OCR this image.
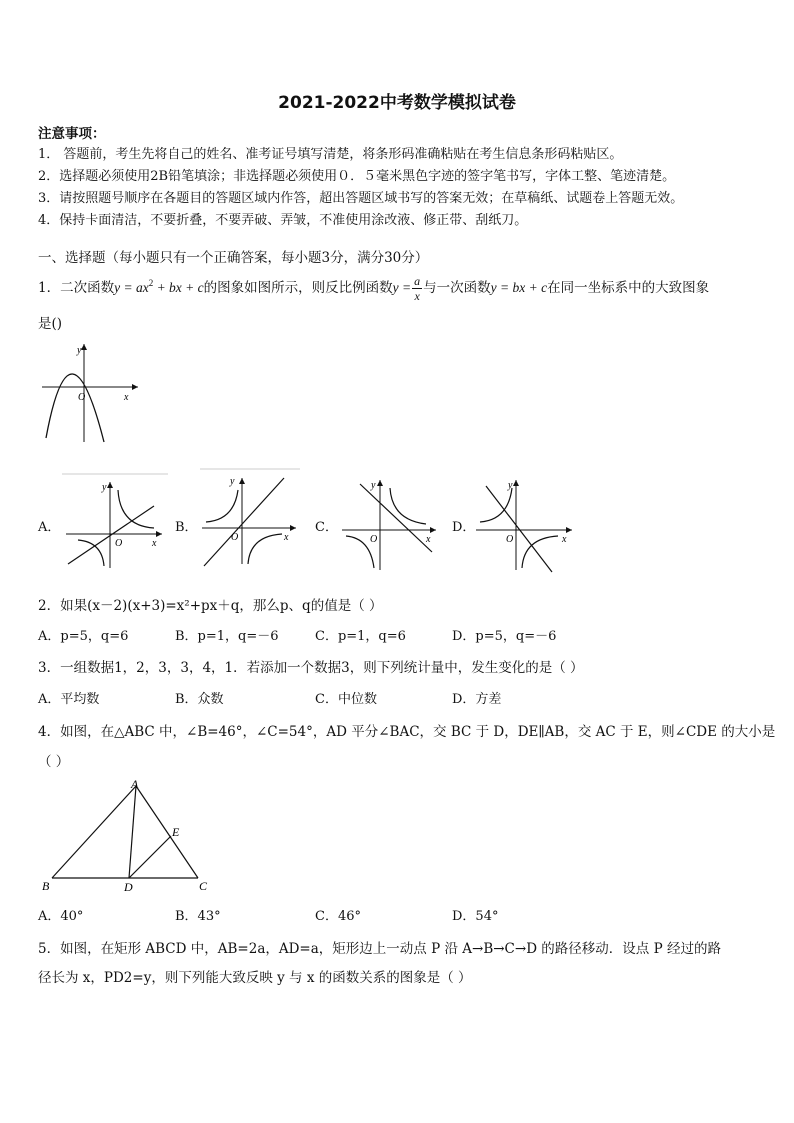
2021-2022中考数学模拟试卷
注意事项：
1． 答题前，考生先将自己的姓名、准考证号填写清楚，将条形码准确粘贴在考生信息条形码粘贴区。
2．选择题必须使用2B铅笔填涂；非选择题必须使用０．５毫米黑色字迹的签字笔书写，字体工整、笔迹清楚。
3．请按照题号顺序在各题目的答题区域内作答，超出答题区域书写的答案无效；在草稿纸、试题卷上答题无效。
4．保持卡面清洁，不要折叠，不要弄破、弄皱，不准使用涂改液、修正带、刮纸刀。
一、选择题（每小题只有一个正确答案，每小题3分，满分30分）
1．二次函数$y = ax^2$ + bx + c的图象如图所示，则反比例函数$y = \frac{a}{x}$ 与一次函数y = bx + c在同一坐标系中的大致图象
是()
y
x
O
A．
y
x
O
B．
y
x
O
C．
y
x
O
D．
y
x
O
2．如果(x－2)(x+3)=x²+px＋q，那么p、q的值是（ ）
A．p=5，q=6	B．p=1，q=－6	C．p=1，q=6	D．p=5，q=－6
3．一组数据1，2，3，3，4，1．若添加一个数据3，则下列统计量中，发生变化的是（ ）
A．平均数	B．众数	C．中位数	D．方差
4．如图，在△ABC 中，∠B=46°，∠C=54°，AD 平分∠BAC，交 BC 于 D，DE∥AB，交 AC 于 E，则∠CDE 的大小是
（ ）
A
B	D	C
E
A．40°	B．43°	C．46°	D．54°
5．如图，在矩形 ABCD 中，AB=2a，AD=a，矩形边上一动点 P 沿 A→B→C→D 的路径移动．设点 P 经过的路
径长为 x，PD2=y，则下列能大致反映 y 与 x 的函数关系的图象是（ ）
